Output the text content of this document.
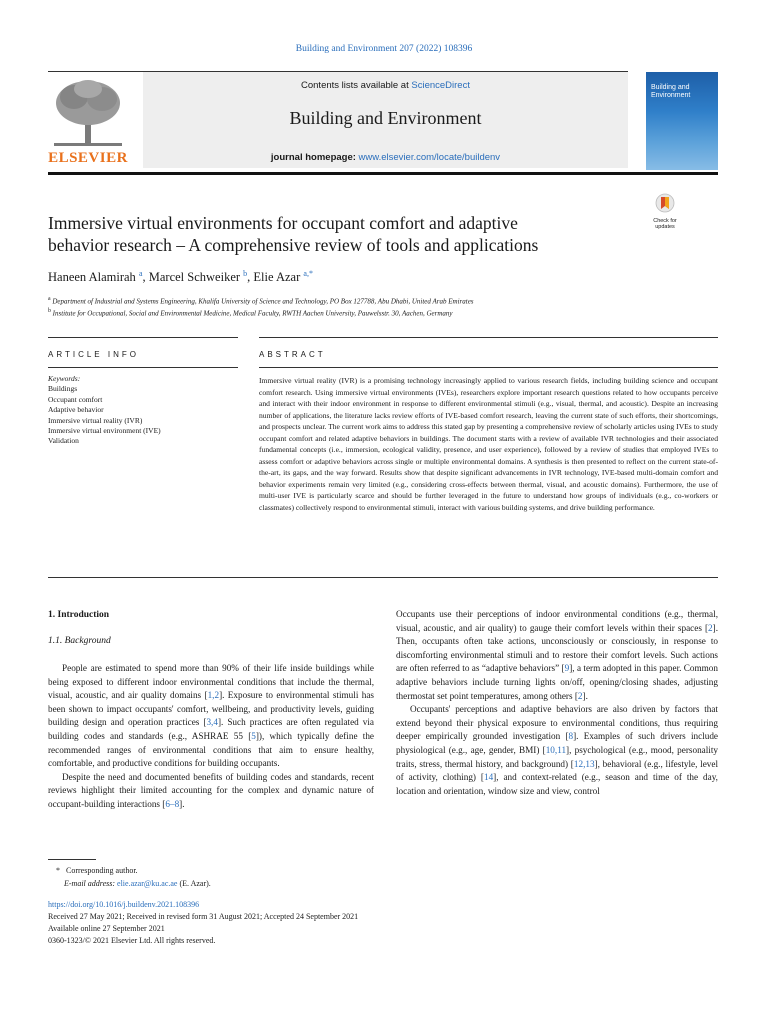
Building and Environment 207 (2022) 108396
ELSEVIER
Contents lists available at ScienceDirect
Building and Environment
journal homepage: www.elsevier.com/locate/buildenv
Building and Environment
Immersive virtual environments for occupant comfort and adaptive
behavior research – A comprehensive review of tools and applications
Check for updates
Haneen Alamirah $^a$, Marcel Schweiker $^b$, Elie Azar $^{a,*}$
$^a$ Department of Industrial and Systems Engineering, Khalifa University of Science and Technology, PO Box 127788, Abu Dhabi, United Arab Emirates
$^b$ Institute for Occupational, Social and Environmental Medicine, Medical Faculty, RWTH Aachen University, Pauwelsstr. 30, Aachen, Germany
ARTICLE INFO
Keywords:
Buildings
Occupant comfort
Adaptive behavior
Immersive virtual reality (IVR)
Immersive virtual environment (IVE)
Validation
ABSTRACT
Immersive virtual reality (IVR) is a promising technology increasingly applied to various research fields, including building science and occupant comfort research. Using immersive virtual environments (IVEs), researchers explore important research questions related to how occupants perceive and interact with their indoor environment in response to different environmental stimuli (e.g., visual, thermal, and acoustic). Despite an increasing number of applications, the literature lacks review efforts of IVE-based comfort research, leaving the current state of such efforts, their shortcomings, and prospects unclear. The current work aims to address this stated gap by presenting a comprehensive review of scholarly articles using IVEs to study occupant comfort and related adaptive behaviors in buildings. The document starts with a review of available IVR technologies and their associated fundamental concepts (i.e., immersion, ecological validity, presence, and user experience), followed by a review of studies that employed IVEs to assess comfort or adaptive behaviors across single or multiple environmental domains. A synthesis is then presented to reflect on the current state-of-the-art, its gaps, and the way forward. Results show that despite significant advancements in IVR technology, IVE-based multi-domain comfort and behavior experiments remain very limited (e.g., considering cross-effects between thermal, visual, and acoustic domains). Furthermore, the use of multi-user IVE is particularly scarce and should be further leveraged in the future to understand how groups of individuals (e.g., co-workers or classmates) collectively respond to environmental stimuli, interact with various building systems, and drive building performance.
1. Introduction
1.1. Background

People are estimated to spend more than 90% of their life inside buildings while being exposed to different indoor environmental conditions that include the thermal, visual, acoustic, and air quality domains [1,2]. Exposure to environmental stimuli has been shown to impact occupants' comfort, wellbeing, and productivity levels, guiding building design and operation practices [3,4]. Such practices are often regulated via building codes and standards (e.g., ASHRAE 55 [5]), which typically define the recommended ranges of environmental conditions that aim to ensure healthy, comfortable, and productive conditions for building occupants.

Despite the need and documented benefits of building codes and standards, recent reviews highlight their limited accounting for the complex and dynamic nature of occupant-building interactions [6–8].

Occupants use their perceptions of indoor environmental conditions (e.g., thermal, visual, acoustic, and air quality) to gauge their comfort levels within their spaces [2]. Then, occupants often take actions, unconsciously or consciously, in response to discomforting environmental stimuli and to restore their comfort levels. Such actions are often referred to as “adaptive behaviors” [9], a term adopted in this paper. Common adaptive behaviors include turning lights on/off, opening/closing shades, adjusting thermostat set point temperatures, among others [2].

Occupants' perceptions and adaptive behaviors are also driven by factors that extend beyond their physical exposure to environmental conditions, thus requiring deeper empirically grounded investigation [8]. Examples of such drivers include physiological (e.g., age, gender, BMI) [10,11], psychological (e.g., mood, personality traits, stress, thermal history, and background) [12,13], behavioral (e.g., lifestyle, level of activity, clothing) [14], and context-related (e.g., season and time of the day, location and orientation, window size and view, control

* Corresponding author.
E-mail address: elie.azar@ku.ac.ae (E. Azar).
https://doi.org/10.1016/j.buildenv.2021.108396
Received 27 May 2021; Received in revised form 31 August 2021; Accepted 24 September 2021
Available online 27 September 2021
0360-1323/© 2021 Elsevier Ltd. All rights reserved.
